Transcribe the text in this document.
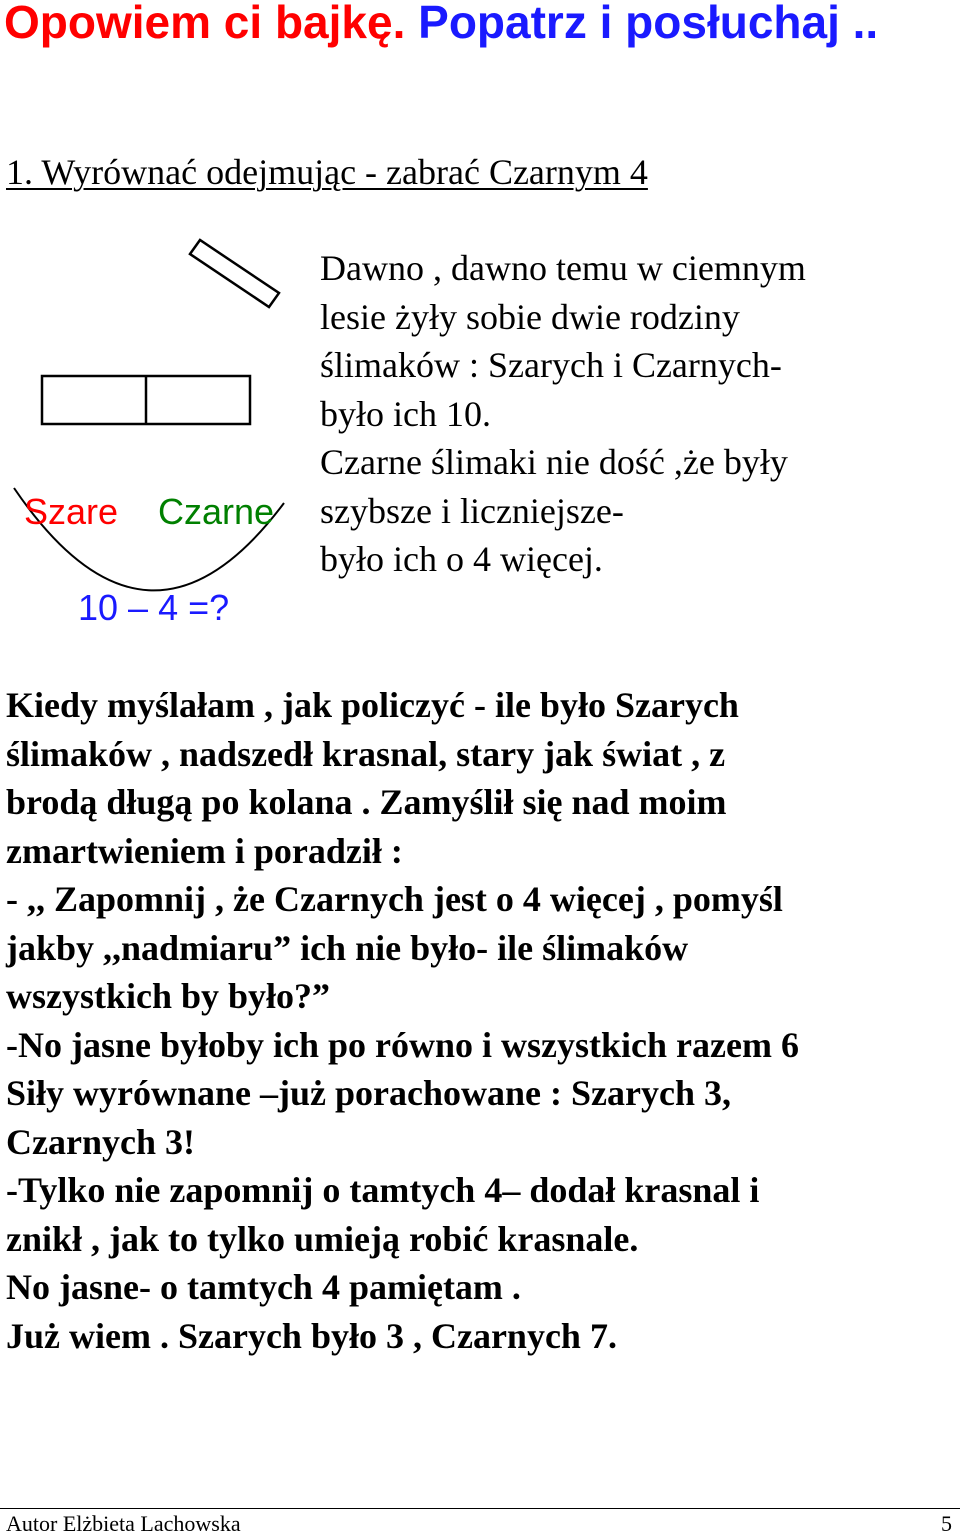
Opowiem ci bajkę. Popatrz i posłuchaj ..

1. Wyrównać odejmując - zabrać Czarnym 4

Szare Czarne
10 – 4 =?

Dawno , dawno temu w ciemnym
lesie żyły sobie dwie rodziny
ślimaków : Szarych i Czarnych-
było ich 10.
Czarne ślimaki nie dość ,że były
szybsze i liczniejsze-
było ich o 4 więcej.

Kiedy myślałam , jak policzyć - ile było Szarych
ślimaków , nadszedł krasnal, stary jak świat , z
brodą długą po kolana . Zamyślił się nad moim
zmartwieniem i poradził :
- ,, Zapomnij , że Czarnych jest o 4 więcej , pomyśl
jakby ,,nadmiaru” ich nie było- ile ślimaków
wszystkich by było?”
-No jasne byłoby ich po równo i wszystkich razem 6
Siły wyrównane –już porachowane : Szarych 3,
Czarnych 3!
-Tylko nie zapomnij o tamtych 4– dodał krasnal i
znikł , jak to tylko umieją robić krasnale.
No jasne- o tamtych 4 pamiętam .
Już wiem . Szarych było 3 , Czarnych 7.

Autor Elżbieta Lachowska	5
